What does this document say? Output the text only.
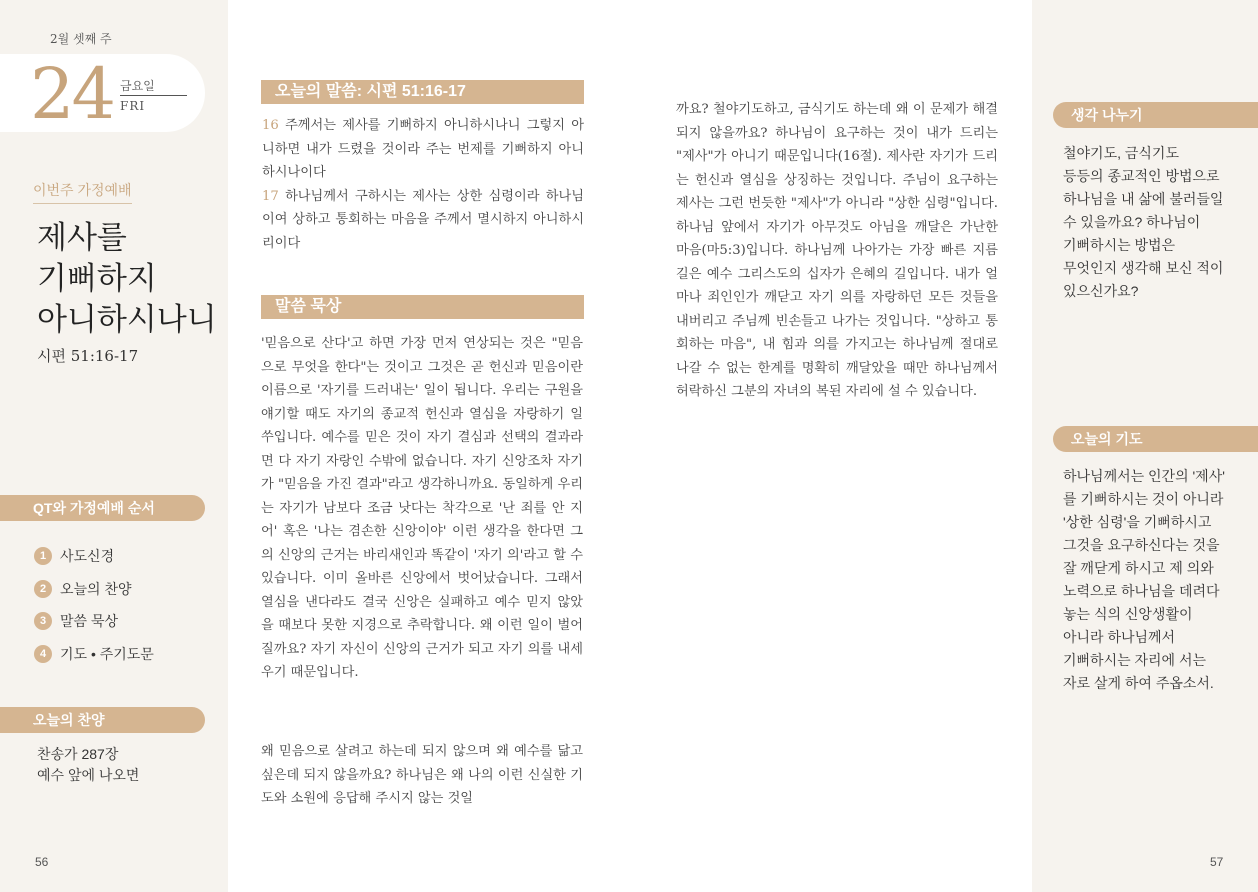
2월 셋째 주
24 금요일
FRI
이번주 가정예배
제사를
기뻐하지
아니하시나니
시편 51:16-17
QT와 가정예배 순서
1 사도신경
2 오늘의 찬양
3 말씀 묵상
4 기도 • 주기도문
오늘의 찬양
찬송가 287장
예수 앞에 나오면
56
오늘의 말씀: 시편 51:16-17
16 주께서는 제사를 기뻐하지 아니하시나니 그렇지 아니하면 내가 드렸을 것이라 주는 번제를 기뻐하지 아니하시나이다
17 하나님께서 구하시는 제사는 상한 심령이라 하나님이여 상하고 통회하는 마음을 주께서 멸시하지 아니하시리이다
말씀 묵상
'믿음으로 산다'고 하면 가장 먼저 연상되는 것은 "믿음으로 무엇을 한다"는 것이고 그것은 곧 헌신과 믿음이란 이름으로 '자기를 드러내는' 일이 됩니다. 우리는 구원을 얘기할 때도 자기의 종교적 헌신과 열심을 자랑하기 일쑤입니다. 예수를 믿은 것이 자기 결심과 선택의 결과라면 다 자기 자랑인 수밖에 없습니다. 자기 신앙조차 자기가 "믿음을 가진 결과"라고 생각하니까요. 동일하게 우리는 자기가 남보다 조금 낫다는 착각으로 '난 죄를 안 지어' 혹은 '나는 겸손한 신앙이야' 이런 생각을 한다면 그의 신앙의 근거는 바리새인과 똑같이 '자기 의'라고 할 수 있습니다. 이미 올바른 신앙에서 벗어났습니다. 그래서 열심을 낸다라도 결국 신앙은 실패하고 예수 믿지 않았을 때보다 못한 지경으로 추락합니다. 왜 이런 일이 벌어질까요? 자기 자신이 신앙의 근거가 되고 자기 의를 내세우기 때문입니다.
왜 믿음으로 살려고 하는데 되지 않으며 왜 예수를 닮고 싶은데 되지 않을까요? 하나님은 왜 나의 이런 신실한 기도와 소원에 응답해 주시지 않는 것일
까요? 철야기도하고, 금식기도 하는데 왜 이 문제가 해결되지 않을까요? 하나님이 요구하는 것이 내가 드리는 "제사"가 아니기 때문입니다(16절). 제사란 자기가 드리는 헌신과 열심을 상징하는 것입니다. 주님이 요구하는 제사는 그런 번듯한 "제사"가 아니라 "상한 심령"입니다. 하나님 앞에서 자기가 아무것도 아님을 깨달은 가난한 마음(마5:3)입니다. 하나님께 나아가는 가장 빠른 지름길은 예수 그리스도의 십자가 은혜의 길입니다. 내가 얼마나 죄인인가 깨닫고 자기 의를 자랑하던 모든 것들을 내버리고 주님께 빈손들고 나가는 것입니다. "상하고 통회하는 마음", 내 힘과 의를 가지고는 하나님께 절대로 나갈 수 없는 한계를 명확히 깨달았을 때만 하나님께서 허락하신 그분의 자녀의 복된 자리에 설 수 있습니다.
57
생각 나누기
철야기도, 금식기도
등등의 종교적인 방법으로
하나님을 내 삶에 불러들일
수 있을까요? 하나님이
기뻐하시는 방법은
무엇인지 생각해 보신 적이
있으신가요?
오늘의 기도
하나님께서는 인간의 '제사'
를 기뻐하시는 것이 아니라
'상한 심령'을 기뻐하시고
그것을 요구하신다는 것을
잘 깨닫게 하시고 제 의와
노력으로 하나님을 데려다
놓는 식의 신앙생활이
아니라 하나님께서
기뻐하시는 자리에 서는
자로 살게 하여 주옵소서.
